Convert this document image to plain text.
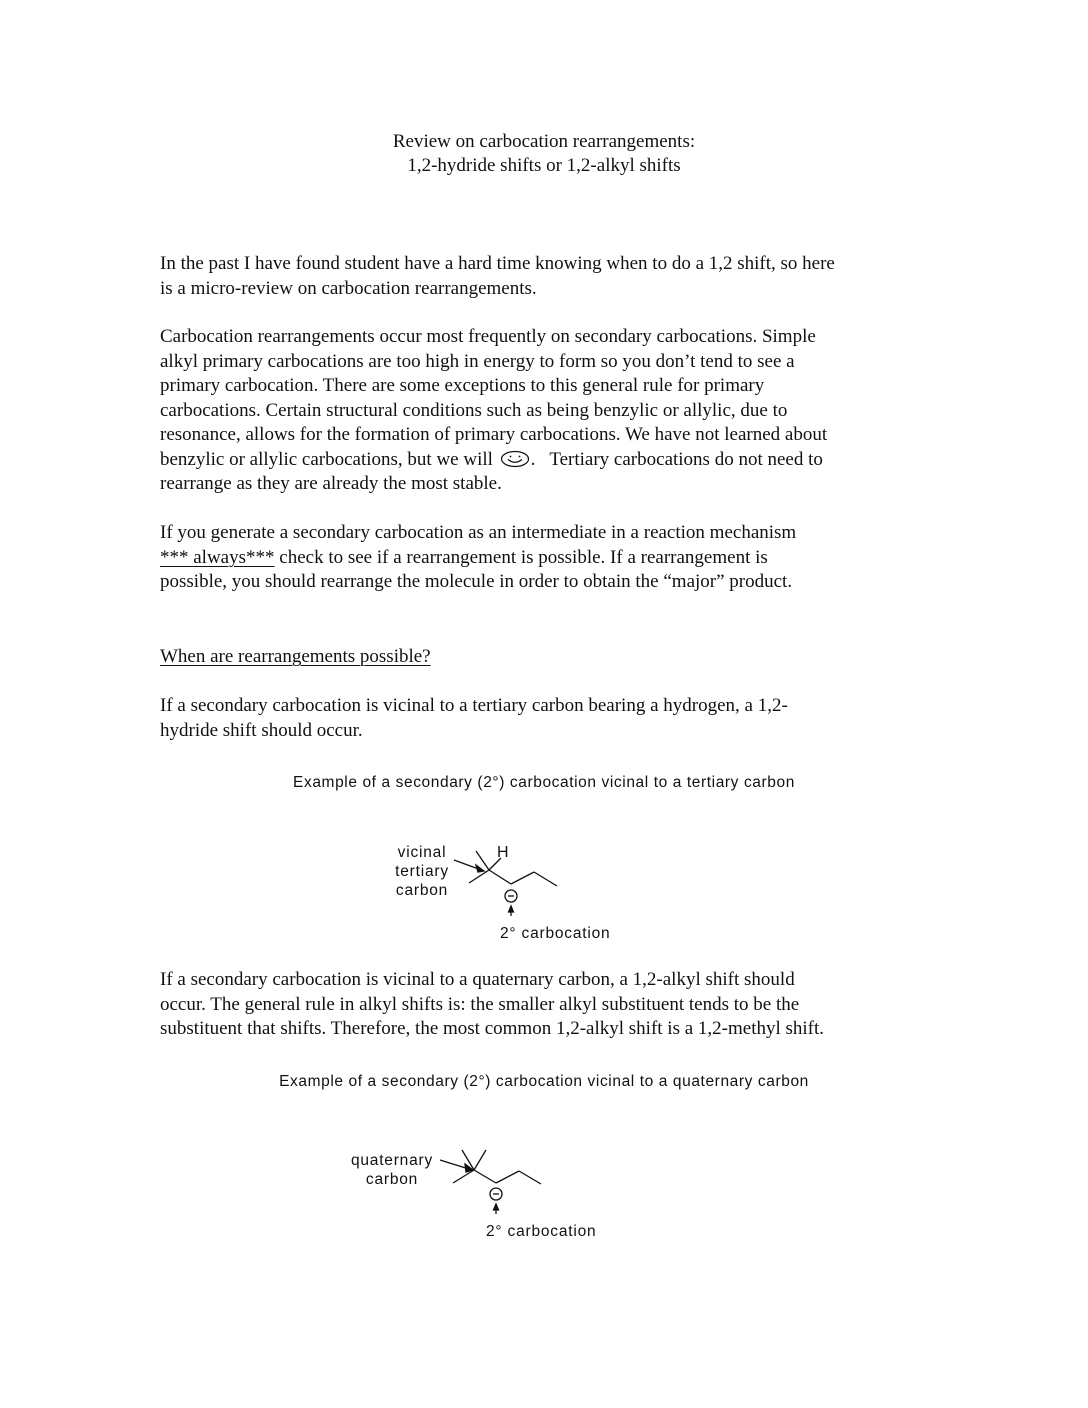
Review on carbocation rearrangements:
1,2-hydride shifts or 1,2-alkyl shifts
In the past I have found student have a hard time knowing when to do a 1,2 shift, so here
is a micro-review on carbocation rearrangements.
Carbocation rearrangements occur most frequently on secondary carbocations. Simple
alkyl primary carbocations are too high in energy to form so you don’t tend to see a
primary carbocation. There are some exceptions to this general rule for primary
carbocations. Certain structural conditions such as being benzylic or allylic, due to
resonance, allows for the formation of primary carbocations. We have not learned about
benzylic or allylic carbocations, but we will .   Tertiary carbocations do not need to
rearrange as they are already the most stable.
If you generate a secondary carbocation as an intermediate in a reaction mechanism
*** always*** check to see if a rearrangement is possible. If a rearrangement is
possible, you should rearrange the molecule in order to obtain the “major” product.
When are rearrangements possible?
If a secondary carbocation is vicinal to a tertiary carbon bearing a hydrogen, a 1,2-
hydride shift should occur.
Example of a secondary (2°) carbocation vicinal to a tertiary carbon
vicinal
tertiary
carbon
H
2° carbocation
If a secondary carbocation is vicinal to a quaternary carbon, a 1,2-alkyl shift should
occur. The general rule in alkyl shifts is: the smaller alkyl substituent tends to be the
substituent that shifts. Therefore, the most common 1,2-alkyl shift is a 1,2-methyl shift.
Example of a secondary (2°) carbocation vicinal to a quaternary carbon
quaternary
carbon
2° carbocation
